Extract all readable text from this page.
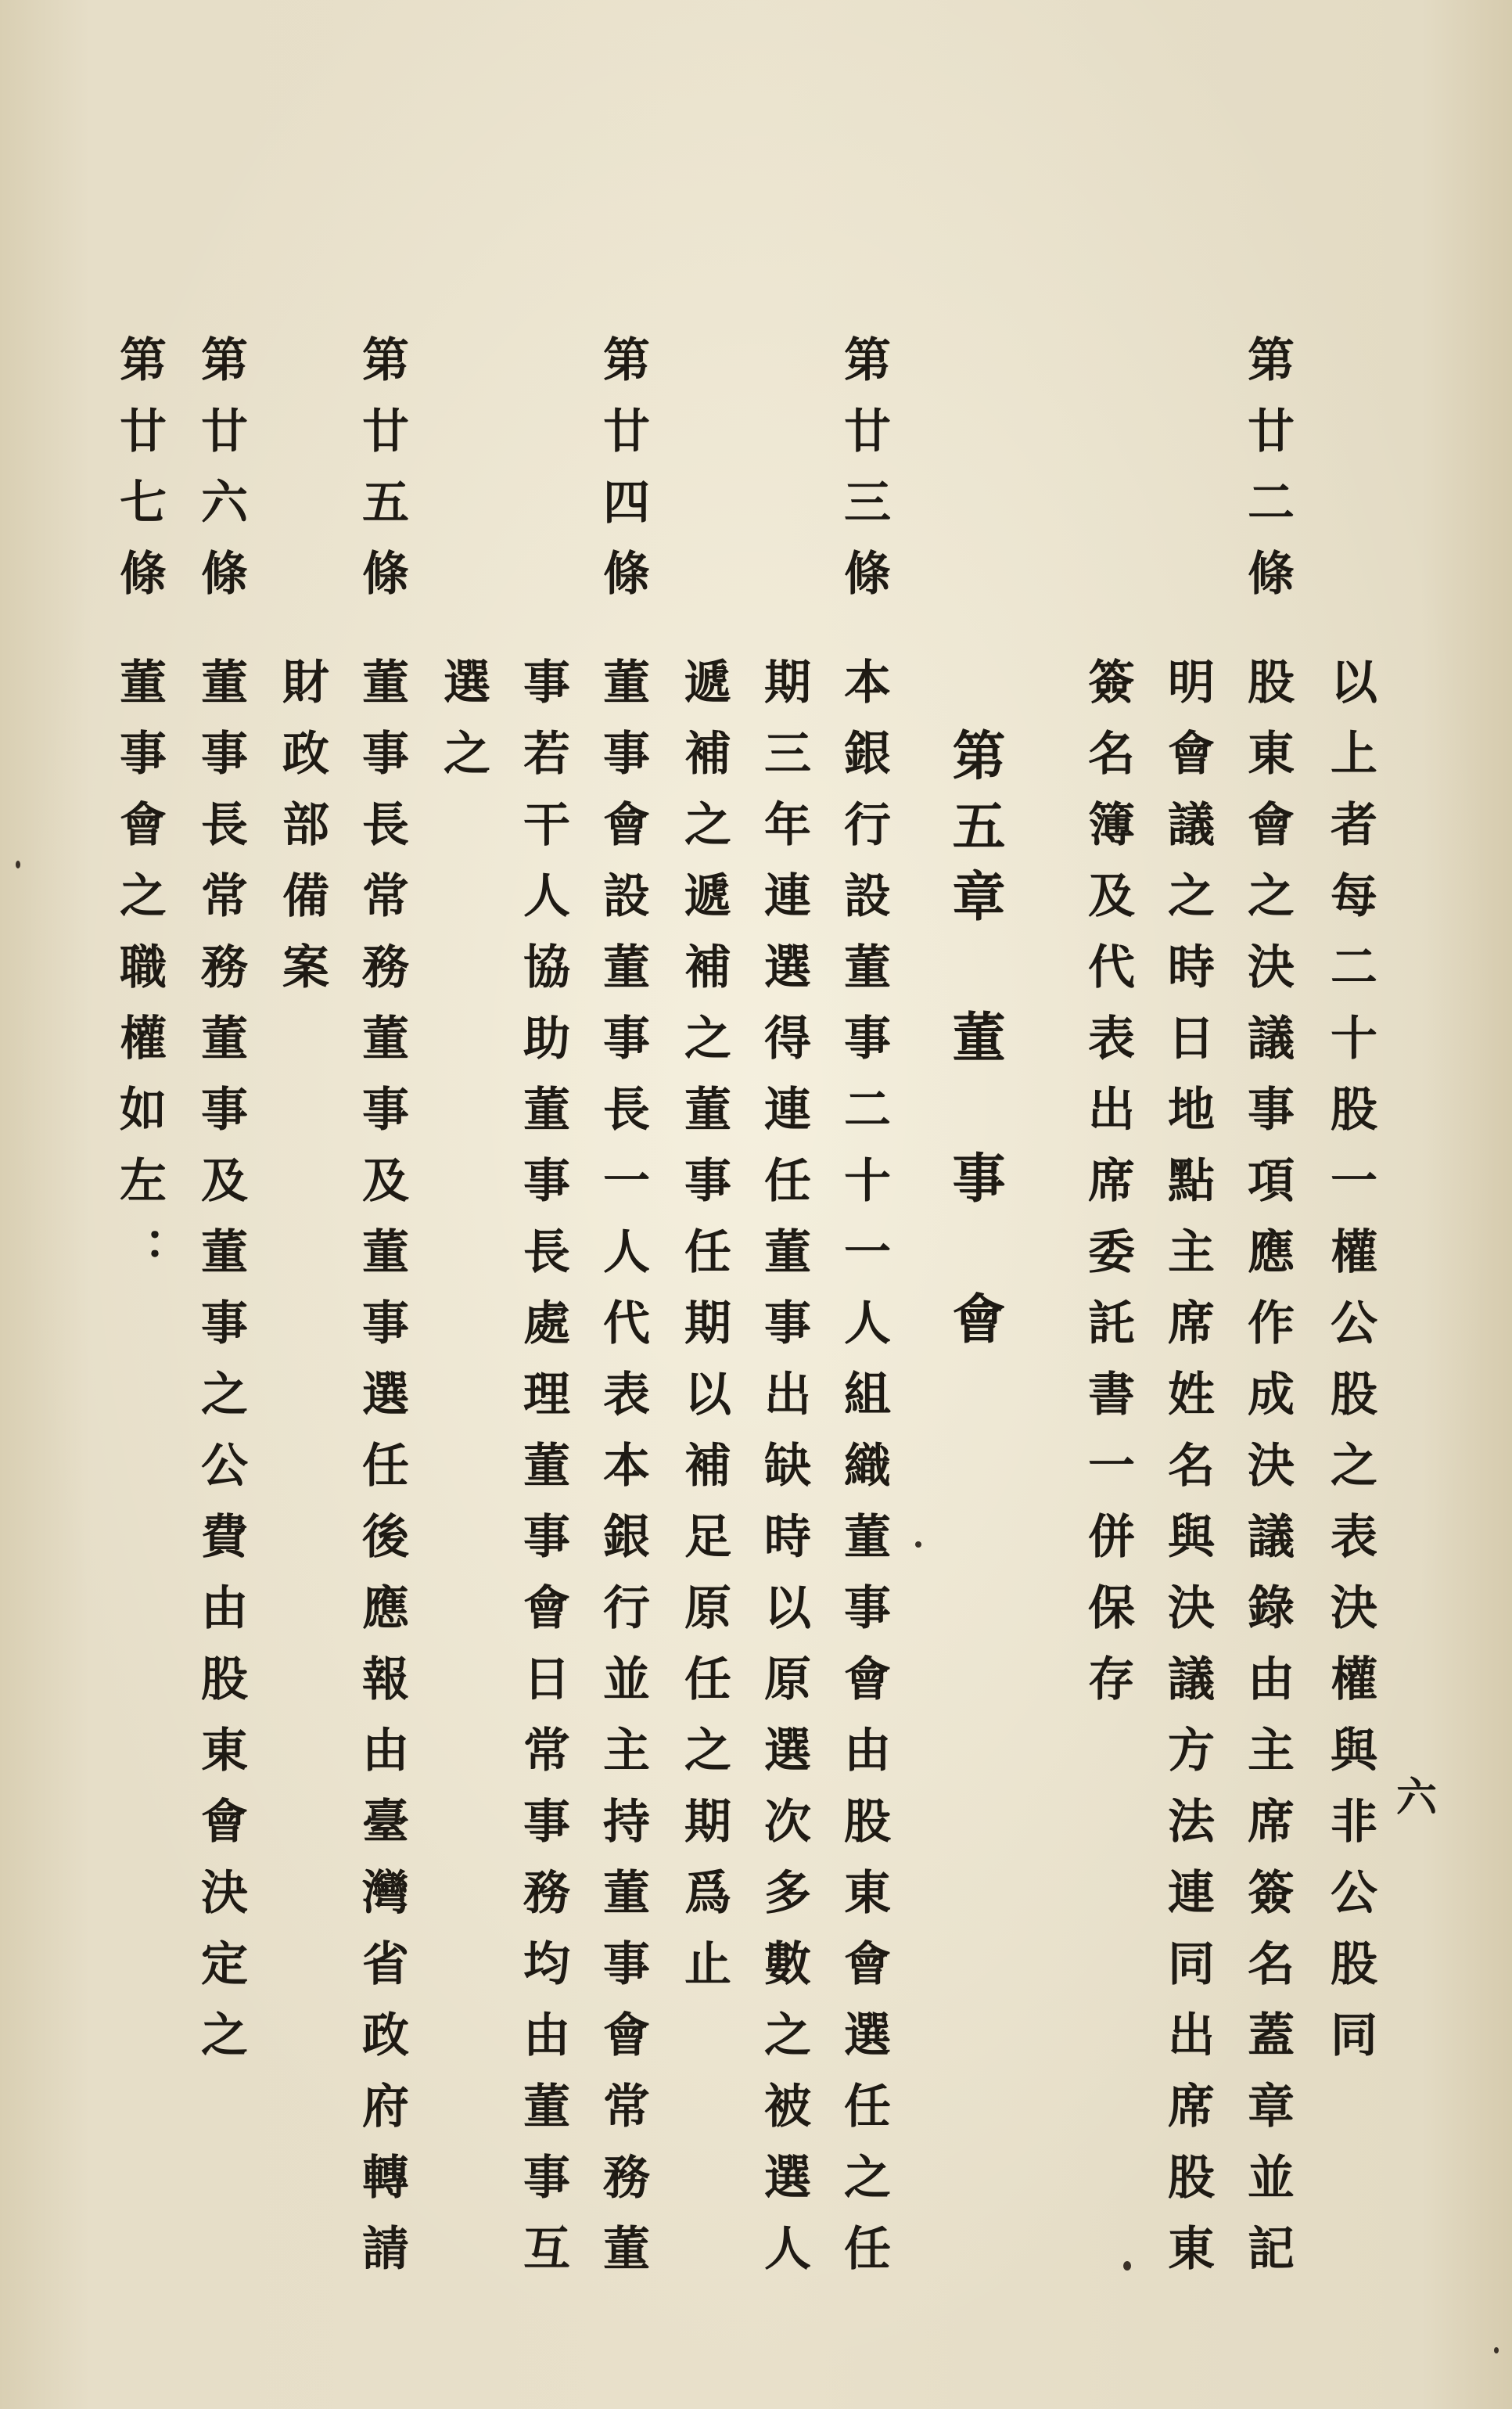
六
以上者每二十股一權公股之表決權與非公股同
第廿二條
股東會之決議事項應作成決議錄由主席簽名蓋章並記
明會議之時日地點主席姓名與決議方法連同出席股東
簽名簿及代表出席委託書一併保存
第五章　董　事　會
第廿三條
本銀行設董事二十一人組織董事會由股東會選任之任
期三年連選得連任董事出缺時以原選次多數之被選人
遞補之遞補之董事任期以補足原任之期爲止
第廿四條
董事會設董事長一人代表本銀行並主持董事會常務董
事若干人協助董事長處理董事會日常事務均由董事互
選之
第廿五條
董事長常務董事及董事選任後應報由臺灣省政府轉請
財政部備案
第廿六條
董事長常務董事及董事之公費由股東會決定之
第廿七條
董事會之職權如左：
